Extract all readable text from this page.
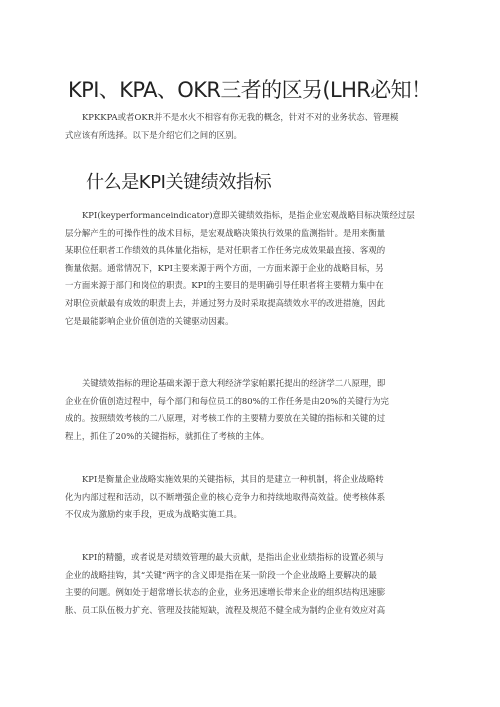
KPI、KPA、OKR三者的区另(LHR必知！

KPKKPA或者OKR并不是水火不相容有你无我的概念，针对不对的业务状态、管理模
式应该有所选择。以下是介绍它们之间的区别。

什么是KPI关键绩效指标

KPI(keyperformanceindicator)意即关键绩效指标，是指企业宏观战略目标决策经过层
层分解产生的可操作性的战术目标，是宏观战略决策执行效果的监测指针。是用来衡量
某职位任职者工作绩效的具体量化指标，是对任职者工作任务完成效果最直接、客观的
衡量依据。通常情况下，KPI主要来源于两个方面，一方面来源于企业的战略目标，另
一方面来源于部门和岗位的职责。KPI的主要目的是明确引导任职者将主要精力集中在
对职位贡献最有成效的职责上去，并通过努力及时采取提高绩效水平的改进措施，因此
它是最能影响企业价值创造的关键驱动因素。

关键绩效指标的理论基础来源于意大利经济学家帕累托提出的经济学二八原理，即
企业在价值创造过程中，每个部门和每位员工的80%的工作任务是由20%的关键行为完
成的。按照绩效考核的二八原理，对考核工作的主要精力要放在关键的指标和关键的过
程上，抓住了20%的关键指标，就抓住了考核的主体。

KPI是衡量企业战略实施效果的关键指标，其目的是建立一种机制，将企业战略转
化为内部过程和活动，以不断增强企业的核心竞争力和持续地取得高效益。使考核体系
不仅成为激励约束手段，更成为战略实施工具。

KPI的精髓，或者说是对绩效管理的最大贡献，是指出企业业绩指标的设置必须与
企业的战略挂钩，其“关键”两字的含义即是指在某一阶段一个企业战略上要解决的最
主要的问题。例如处于超常增长状态的企业，业务迅速增长带来企业的组织结构迅速膨
胀、员工队伍极力扩充、管理及技能短缺，流程及规范不健全成为制约企业有效应对高
